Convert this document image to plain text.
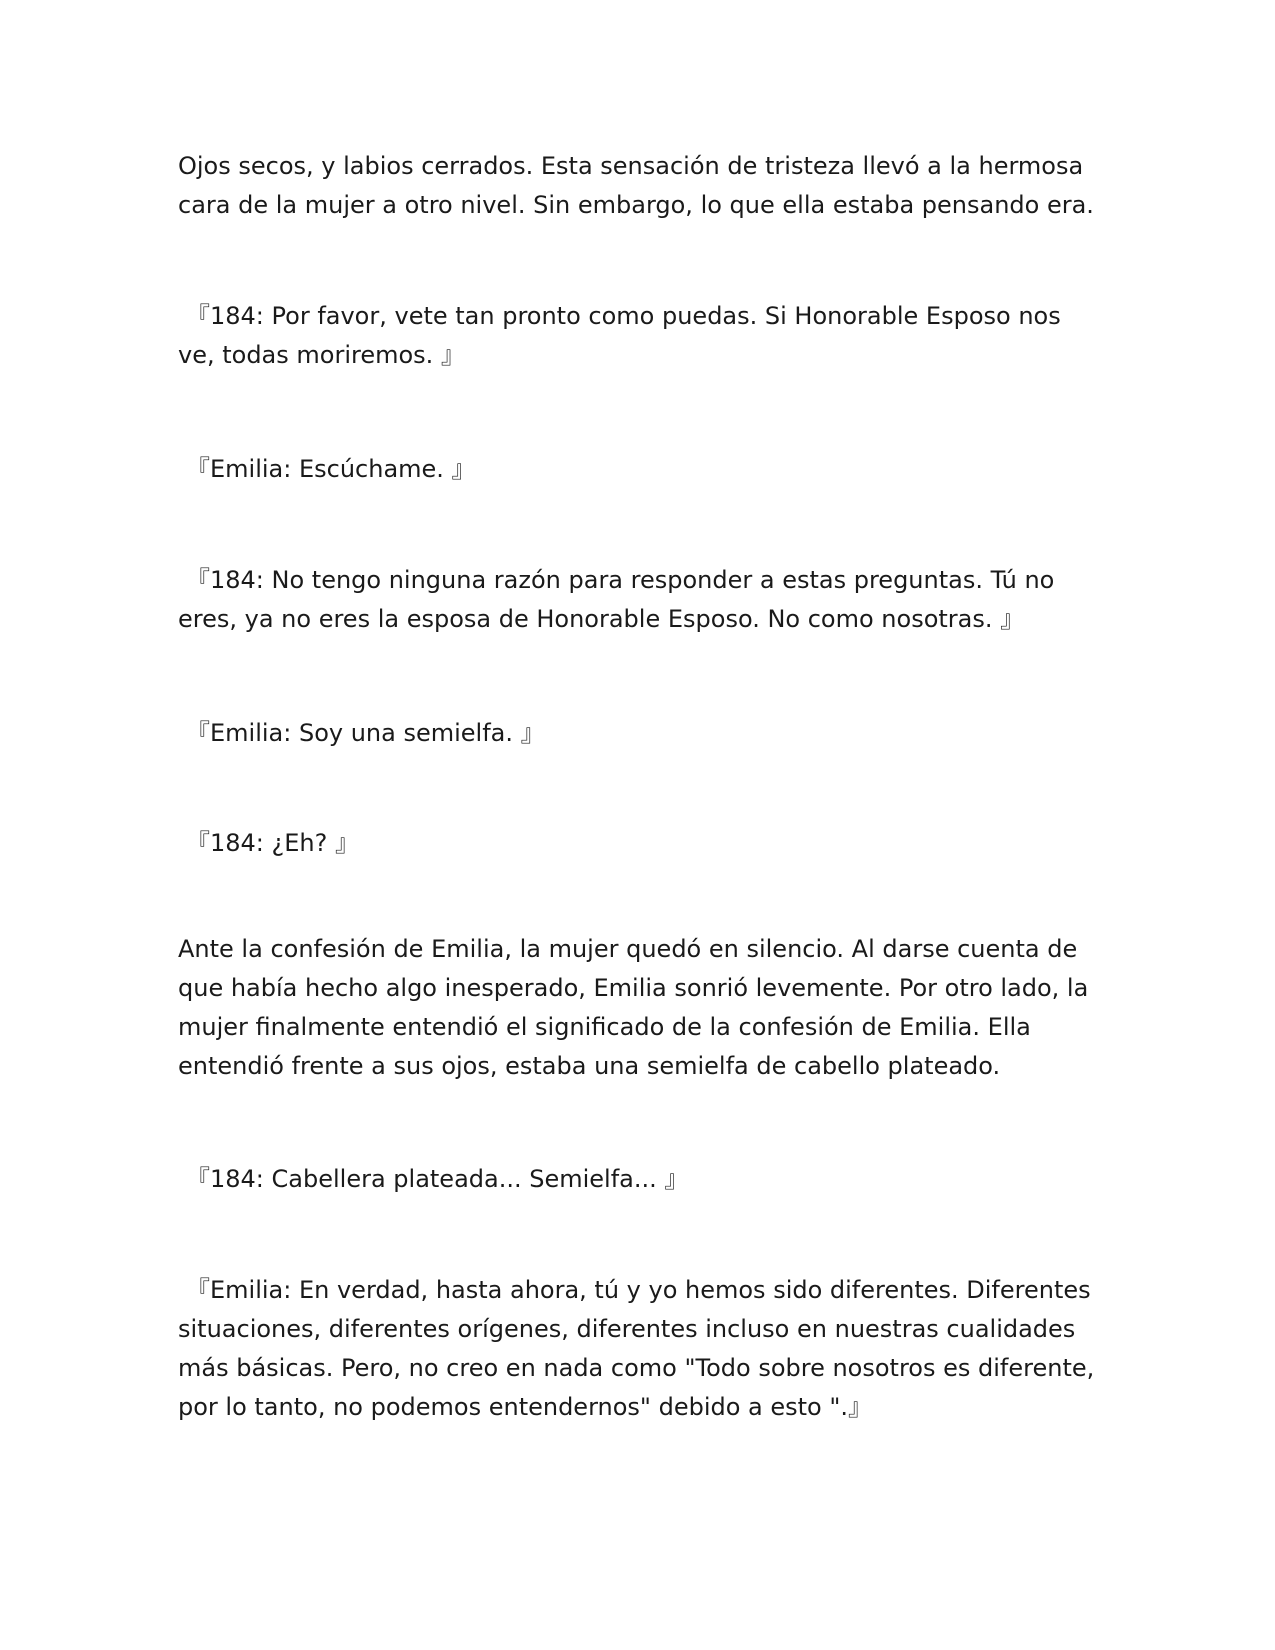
Ojos secos, y labios cerrados. Esta sensación de tristeza llevó a la hermosa cara de la mujer a otro nivel. Sin embargo, lo que ella estaba pensando era.

『184: Por favor, vete tan pronto como puedas. Si Honorable Esposo nos ve, todas moriremos. 』

『Emilia: Escúchame. 』

『184: No tengo ninguna razón para responder a estas preguntas. Tú no eres, ya no eres la esposa de Honorable Esposo. No como nosotras. 』

『Emilia: Soy una semielfa. 』

『184: ¿Eh? 』

Ante la confesión de Emilia, la mujer quedó en silencio. Al darse cuenta de que había hecho algo inesperado, Emilia sonrió levemente. Por otro lado, la mujer finalmente entendió el significado de la confesión de Emilia. Ella entendió frente a sus ojos, estaba una semielfa de cabello plateado.

『184: Cabellera plateada... Semielfa... 』

『Emilia: En verdad, hasta ahora, tú y yo hemos sido diferentes. Diferentes situaciones, diferentes orígenes, diferentes incluso en nuestras cualidades más básicas. Pero, no creo en nada como "Todo sobre nosotros es diferente, por lo tanto, no podemos entendernos" debido a esto ".』
